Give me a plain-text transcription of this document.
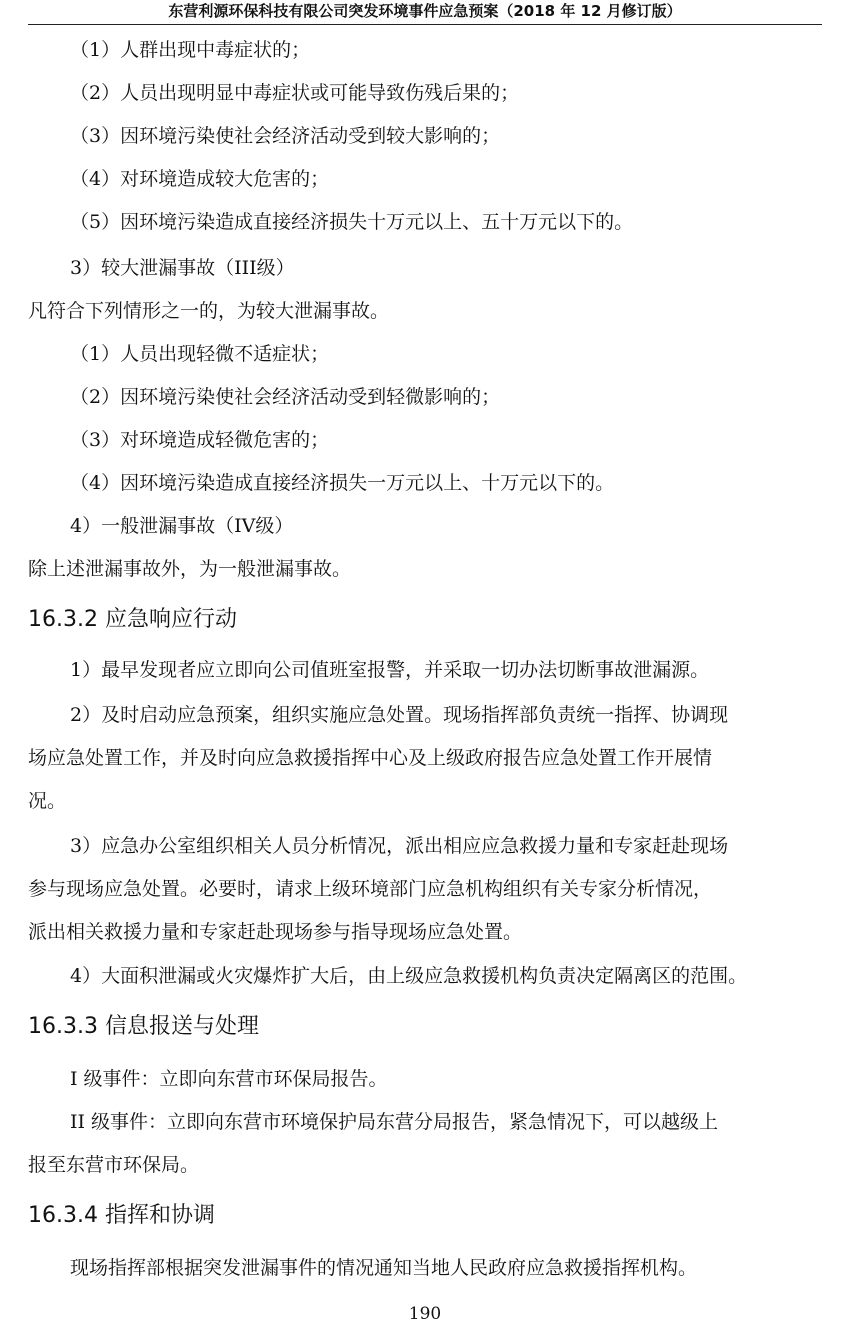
东营利源环保科技有限公司突发环境事件应急预案（2018 年 12 月修订版）
（1）人群出现中毒症状的；
（2）人员出现明显中毒症状或可能导致伤残后果的；
（3）因环境污染使社会经济活动受到较大影响的；
（4）对环境造成较大危害的；
（5）因环境污染造成直接经济损失十万元以上、五十万元以下的。
3）较大泄漏事故（III级）
凡符合下列情形之一的，为较大泄漏事故。
（1）人员出现轻微不适症状；
（2）因环境污染使社会经济活动受到轻微影响的；
（3）对环境造成轻微危害的；
（4）因环境污染造成直接经济损失一万元以上、十万元以下的。
4）一般泄漏事故（IV级）
除上述泄漏事故外，为一般泄漏事故。
16.3.2 应急响应行动
1）最早发现者应立即向公司值班室报警，并采取一切办法切断事故泄漏源。
2）及时启动应急预案，组织实施应急处置。现场指挥部负责统一指挥、协调现
场应急处置工作，并及时向应急救援指挥中心及上级政府报告应急处置工作开展情
况。
3）应急办公室组织相关人员分析情况，派出相应应急救援力量和专家赶赴现场
参与现场应急处置。必要时，请求上级环境部门应急机构组织有关专家分析情况，
派出相关救援力量和专家赶赴现场参与指导现场应急处置。
4）大面积泄漏或火灾爆炸扩大后，由上级应急救援机构负责决定隔离区的范围。
16.3.3 信息报送与处理
I 级事件：立即向东营市环保局报告。
II 级事件：立即向东营市环境保护局东营分局报告，紧急情况下，可以越级上
报至东营市环保局。
16.3.4 指挥和协调
现场指挥部根据突发泄漏事件的情况通知当地人民政府应急救援指挥机构。
190
